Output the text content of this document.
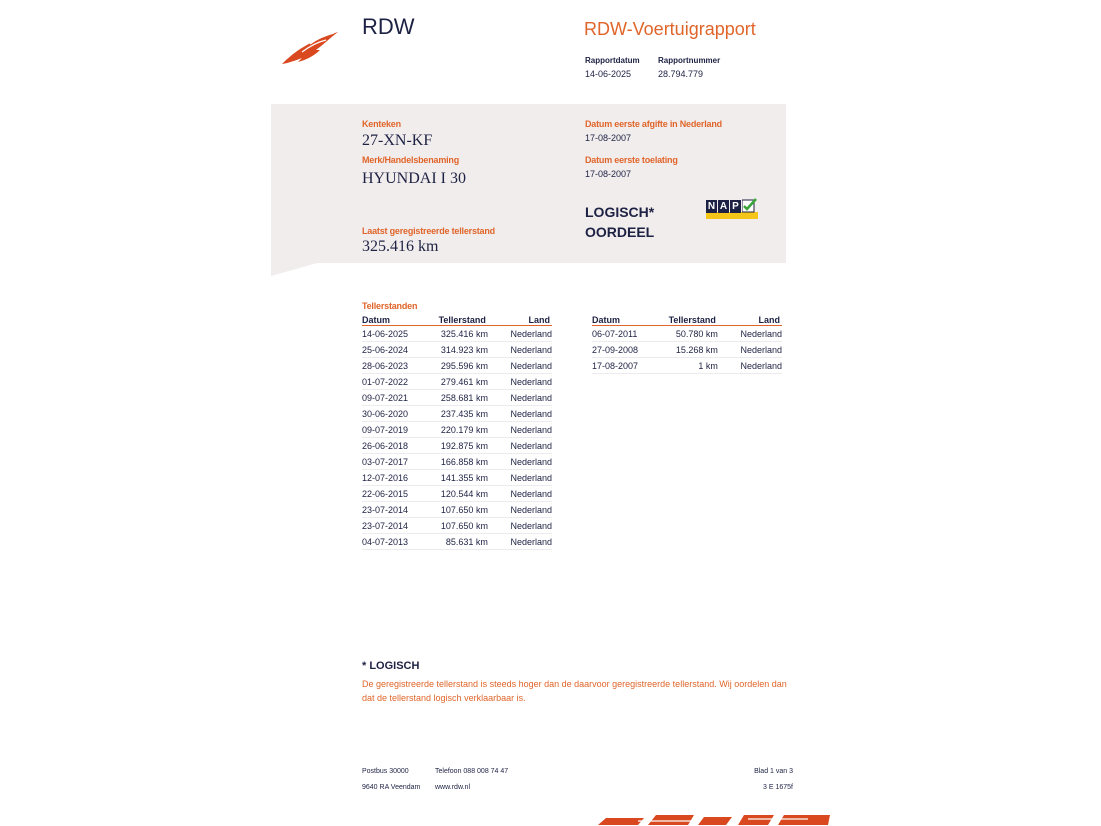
RDW	RDW-Voertuigrapport
Rapportdatum
14-06-2025
Rapportnummer
28.794.779
Kenteken
27-XN-KF
Merk/Handelsbenaming
HYUNDAI I 30
Laatst geregistreerde tellerstand
325.416 km
Datum eerste afgifte in Nederland
17-08-2007
Datum eerste toelating
17-08-2007
LOGISCH*
OORDEEL
N A P
Tellerstanden
Datum	Tellerstand	Land
14-06-2025	325.416 km	Nederland
25-06-2024	314.923 km	Nederland
28-06-2023	295.596 km	Nederland
01-07-2022	279.461 km	Nederland
09-07-2021	258.681 km	Nederland
30-06-2020	237.435 km	Nederland
09-07-2019	220.179 km	Nederland
26-06-2018	192.875 km	Nederland
03-07-2017	166.858 km	Nederland
12-07-2016	141.355 km	Nederland
22-06-2015	120.544 km	Nederland
23-07-2014	107.650 km	Nederland
23-07-2014	107.650 km	Nederland
04-07-2013	85.631 km	Nederland
Datum	Tellerstand	Land
06-07-2011	50.780 km	Nederland
27-09-2008	15.268 km	Nederland
17-08-2007	1 km	Nederland
* LOGISCH
De geregistreerde tellerstand is steeds hoger dan de daarvoor geregistreerde tellerstand. Wij oordelen dan dat de tellerstand logisch verklaarbaar is.
Postbus 30000
9640 RA Veendam
Telefoon 088 008 74 47
www.rdw.nl
Blad 1 van 3
3 E 1675f
